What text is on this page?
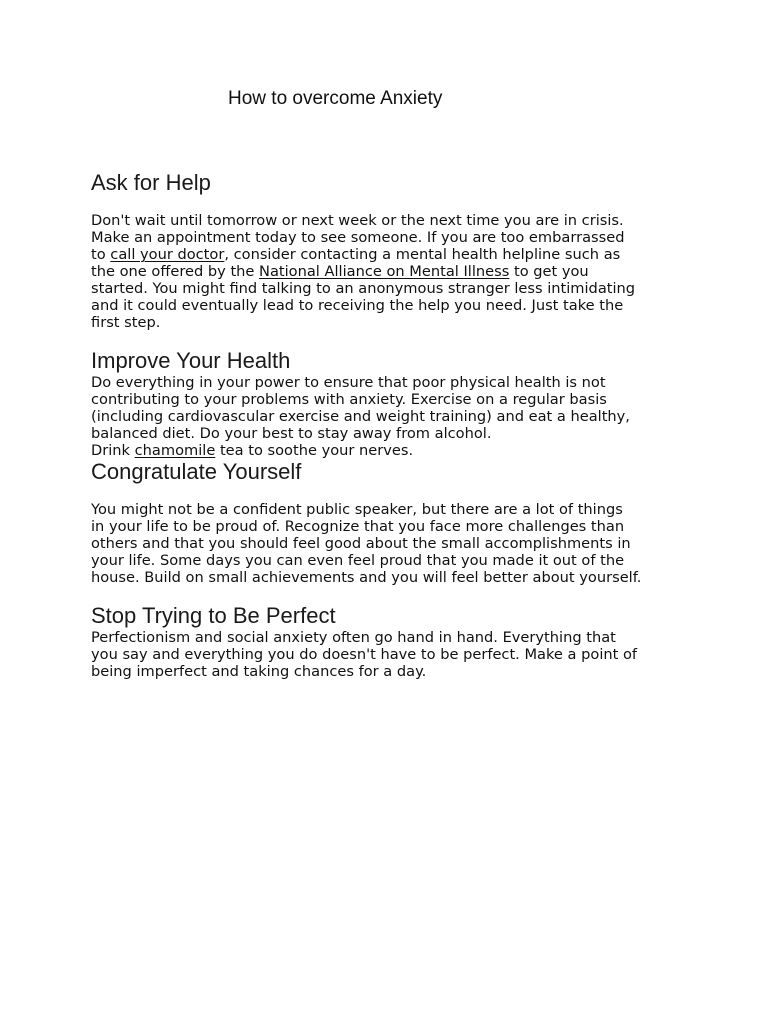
How to overcome Anxiety
Ask for Help
Don't wait until tomorrow or next week or the next time you are in crisis.
Make an appointment today to see someone. If you are too embarrassed
to call your doctor, consider contacting a mental health helpline such as
the one offered by the National Alliance on Mental Illness to get you
started. You might find talking to an anonymous stranger less intimidating
and it could eventually lead to receiving the help you need. Just take the
first step.
Improve Your Health
Do everything in your power to ensure that poor physical health is not
contributing to your problems with anxiety. Exercise on a regular basis
(including cardiovascular exercise and weight training) and eat a healthy,
balanced diet. Do your best to stay away from alcohol.
Drink chamomile tea to soothe your nerves.
Congratulate Yourself
You might not be a confident public speaker, but there are a lot of things
in your life to be proud of. Recognize that you face more challenges than
others and that you should feel good about the small accomplishments in
your life. Some days you can even feel proud that you made it out of the
house. Build on small achievements and you will feel better about yourself.
Stop Trying to Be Perfect
Perfectionism and social anxiety often go hand in hand. Everything that
you say and everything you do doesn't have to be perfect. Make a point of
being imperfect and taking chances for a day.
